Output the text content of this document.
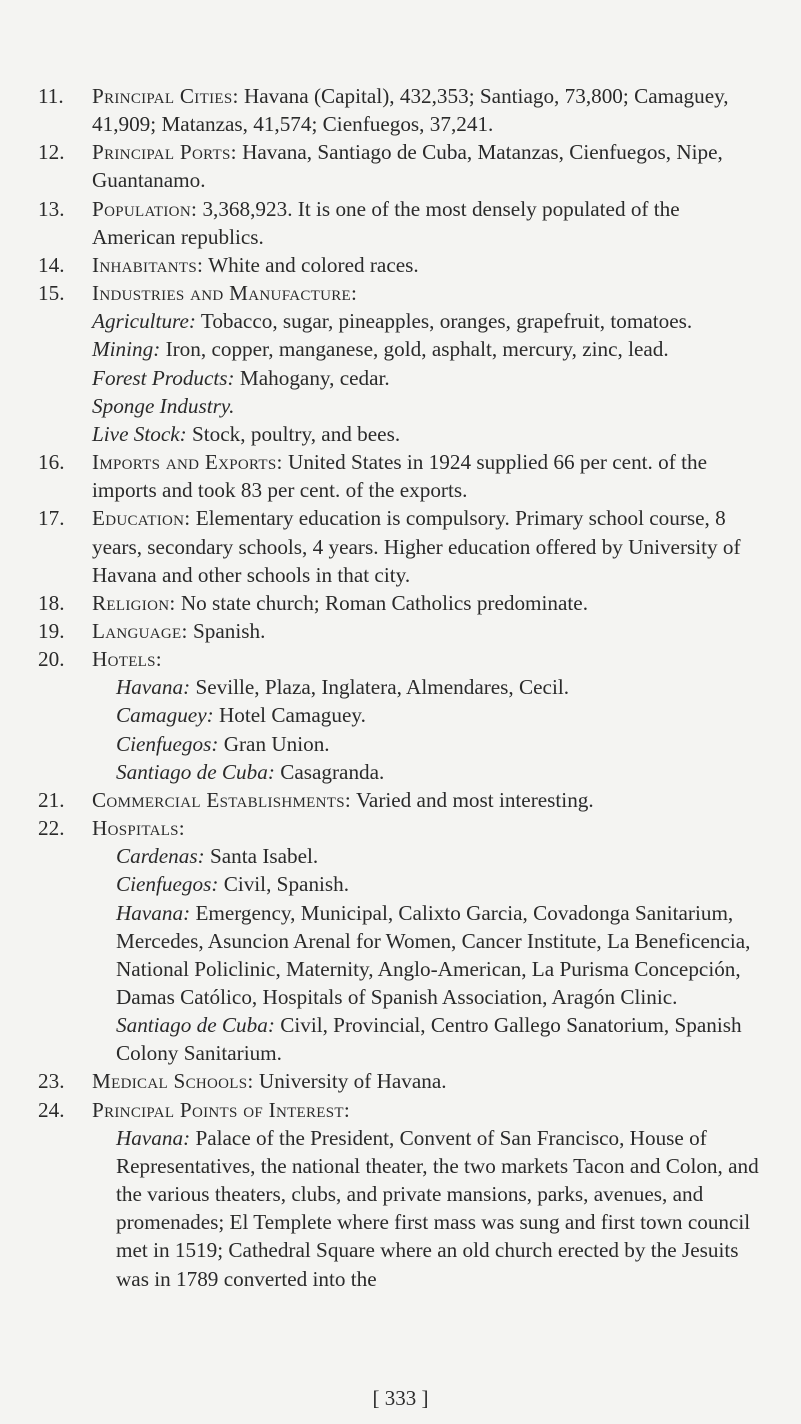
11.	Principal Cities: Havana (Capital), 432,353; Santiago, 73,800; Camaguey, 41,909; Matanzas, 41,574; Cienfuegos, 37,241.
12.	Principal Ports: Havana, Santiago de Cuba, Matanzas, Cienfuegos, Nipe, Guantanamo.
13.	Population: 3,368,923. It is one of the most densely populated of the American republics.
14.	Inhabitants: White and colored races.
15.	Industries and Manufacture:
Agriculture: Tobacco, sugar, pineapples, oranges, grapefruit, tomatoes.
Mining: Iron, copper, manganese, gold, asphalt, mercury, zinc, lead.
Forest Products: Mahogany, cedar.
Sponge Industry.
Live Stock: Stock, poultry, and bees.
16.	Imports and Exports: United States in 1924 supplied 66 per cent. of the imports and took 83 per cent. of the exports.
17.	Education: Elementary education is compulsory. Primary school course, 8 years, secondary schools, 4 years. Higher education offered by University of Havana and other schools in that city.
18.	Religion: No state church; Roman Catholics predominate.
19.	Language: Spanish.
20.	Hotels:
Havana: Seville, Plaza, Inglatera, Almendares, Cecil.
Camaguey: Hotel Camaguey.
Cienfuegos: Gran Union.
Santiago de Cuba: Casagranda.
21.	Commercial Establishments: Varied and most interesting.
22.	Hospitals:
Cardenas: Santa Isabel.
Cienfuegos: Civil, Spanish.
Havana: Emergency, Municipal, Calixto Garcia, Covadonga Sanitarium, Mercedes, Asuncion Arenal for Women, Cancer Institute, La Beneficencia, National Policlinic, Maternity, Anglo-American, La Purisma Concepción, Damas Católico, Hospitals of Spanish Association, Aragón Clinic.
Santiago de Cuba: Civil, Provincial, Centro Gallego Sanatorium, Spanish Colony Sanitarium.
23.	Medical Schools: University of Havana.
24.	Principal Points of Interest:
Havana: Palace of the President, Convent of San Francisco, House of Representatives, the national theater, the two markets Tacon and Colon, and the various theaters, clubs, and private mansions, parks, avenues, and promenades; El Templete where first mass was sung and first town council met in 1519; Cathedral Square where an old church erected by the Jesuits was in 1789 converted into the
[ 333 ]
